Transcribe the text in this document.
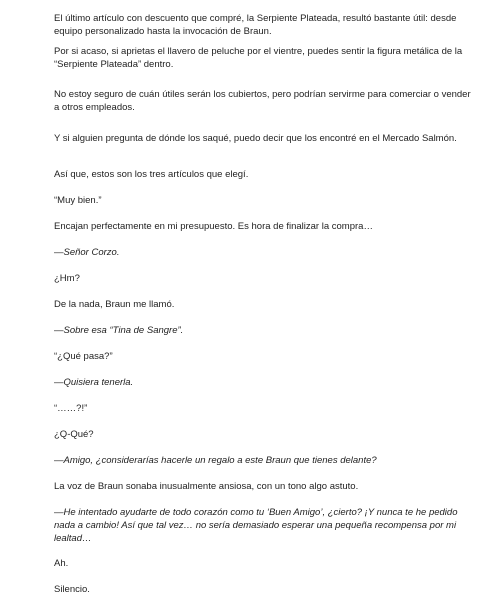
El último artículo con descuento que compré, la Serpiente Plateada, resultó bastante útil: desde equipo personalizado hasta la invocación de Braun.

Por si acaso, si aprietas el llavero de peluche por el vientre, puedes sentir la figura metálica de la “Serpiente Plateada” dentro.

No estoy seguro de cuán útiles serán los cubiertos, pero podrían servirme para comerciar o vender a otros empleados.

Y si alguien pregunta de dónde los saqué, puedo decir que los encontré en el Mercado Salmón.

Así que, estos son los tres artículos que elegí.

“Muy bien.”

Encajan perfectamente en mi presupuesto. Es hora de finalizar la compra…

—Señor Corzo.

¿Hm?

De la nada, Braun me llamó.

—Sobre esa “Tina de Sangre”.

“¿Qué pasa?”

—Quisiera tenerla.

“……?!”

¿Q-Qué?

—Amigo, ¿considerarías hacerle un regalo a este Braun que tienes delante?

La voz de Braun sonaba inusualmente ansiosa, con un tono algo astuto.

—He intentado ayudarte de todo corazón como tu ‘Buen Amigo’, ¿cierto? ¡Y nunca te he pedido nada a cambio! Así que tal vez… no sería demasiado esperar una pequeña recompensa por mi lealtad…

Ah.

Silencio.
